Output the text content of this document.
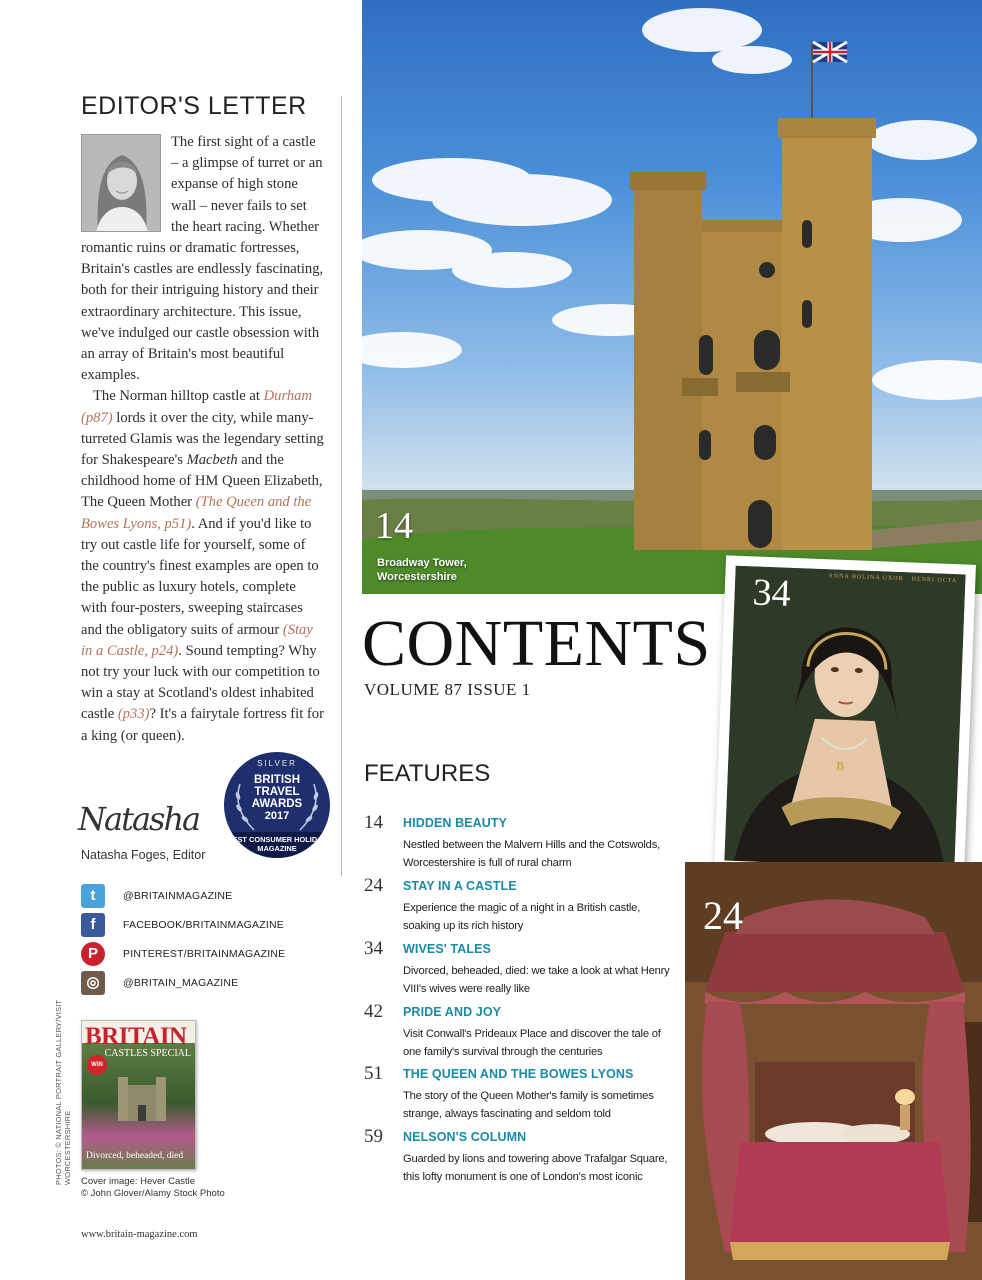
EDITOR'S LETTER

The first sight of a castle – a glimpse of turret or an expanse of high stone wall – never fails to set the heart racing. Whether romantic ruins or dramatic fortresses, Britain's castles are endlessly fascinating, both for their intriguing history and their extraordinary architecture. This issue, we've indulged our castle obsession with an array of Britain's most beautiful examples.

The Norman hilltop castle at Durham (p87) lords it over the city, while many-turreted Glamis was the legendary setting for Shakespeare's Macbeth and the childhood home of HM Queen Elizabeth, The Queen Mother (The Queen and the Bowes Lyons, p51). And if you'd like to try out castle life for yourself, some of the country's finest examples are open to the public as luxury hotels, complete with four-posters, sweeping staircases and the obligatory suits of armour (Stay in a Castle, p24). Sound tempting? Why not try your luck with our competition to win a stay at Scotland's oldest inhabited castle (p33)? It's a fairytale fortress fit for a king (or queen).

SILVER
BRITISH
TRAVEL
AWARDS
2017
BEST CONSUMER HOLIDAY MAGAZINE
Natasha
Natasha Foges, Editor
t	@BRITAINMAGAZINE
f	FACEBOOK/BRITAINMAGAZINE
P	PINTEREST/BRITAINMAGAZINE
◎	@BRITAIN_MAGAZINE
PHOTOS: © NATIONAL PORTRAIT GALLERY/VISIT WORCESTERSHIRE
BRITAIN
CASTLES SPECIAL
WIN
Divorced, beheaded, died
Cover image: Hever Castle
© John Glover/Alamy Stock Photo
www.britain-magazine.com
14
Broadway Tower,
Worcestershire
CONTENTS
VOLUME 87 ISSUE 1
FEATURES
14 HIDDEN BEAUTY
Nestled between the Malvern Hills and the Cotswolds, Worcestershire is full of rural charm
24 STAY IN A CASTLE
Experience the magic of a night in a British castle, soaking up its rich history
34 WIVES' TALES
Divorced, beheaded, died: we take a look at what Henry VIII's wives were really like
42 PRIDE AND JOY
Visit Conwall's Prideaux Place and discover the tale of one family's survival through the centuries
51 THE QUEEN AND THE BOWES LYONS
The story of the Queen Mother's family is sometimes strange, always fascinating and seldom told
59 NELSON'S COLUMN
Guarded by lions and towering above Trafalgar Square, this lofty monument is one of London's most iconic
34	ANNA BOLINA UXOR · HENRI OCTA
B
24
